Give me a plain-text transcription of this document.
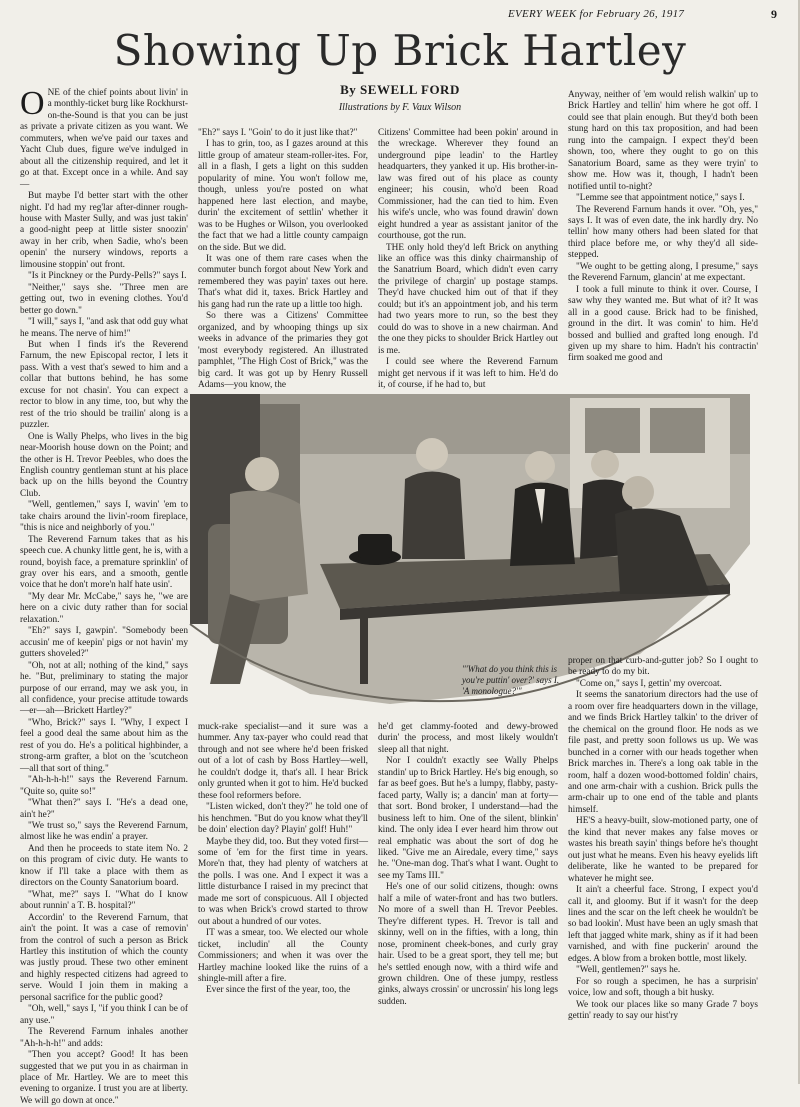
EVERY WEEK for February 26, 1917	9
Showing Up Brick Hartley
By SEWELL FORD
Illustrations by F. Vaux Wilson
O NE of the chief points about livin' in a monthly-ticket burg like Rockhurst-on-the-Sound is that you can be just as private a private citizen as you want. We commuters, when we've paid our taxes and Yacht Club dues, figure we've indulged in about all the citizenship required, and let it go at that. Except once in a while. And say—

But maybe I'd better start with the other night. I'd had my reg'lar after-dinner rough-house with Master Sully, and was just takin' a good-night peep at little sister snoozin' away in her crib, when Sadie, who's been openin' the nursery windows, reports a limousine stoppin' out front.

"Is it Pinckney or the Purdy-Pells?" says I.

"Neither," says she. "Three men are getting out, two in evening clothes. You'd better go down."

"I will," says I, "and ask that odd guy what he means. The nerve of him!"

But when I finds it's the Reverend Farnum, the new Episcopal rector, I lets it pass. With a vest that's sewed to him and a collar that buttons behind, he has some excuse for not chasin'. You can expect a rector to blow in any time, too, but why the rest of the trio should be trailin' along is a puzzler.

One is Wally Phelps, who lives in the big near-Moorish house down on the Point; and the other is H. Trevor Peebles, who does the English country gentleman stunt at his place back up on the hills beyond the Country Club.

"Well, gentlemen," says I, wavin' 'em to take chairs around the livin'-room fireplace, "this is nice and neighborly of you."

The Reverend Farnum takes that as his speech cue. A chunky little gent, he is, with a round, boyish face, a premature sprinklin' of gray over his ears, and a smooth, gentle voice that he don't more'n half hate usin'.

"My dear Mr. McCabe," says he, "we are here on a civic duty rather than for social relaxation."

"Eh?" says I, gawpin'. "Somebody been accusin' me of keepin' pigs or not havin' my gutters shoveled?"

"Oh, not at all; nothing of the kind," says he. "But, preliminary to stating the major purpose of our errand, may we ask you, in all confidence, your precise attitude towards—er—ah—Brickett Hartley?"

"Who, Brick?" says I. "Why, I expect I feel a good deal the same about him as the rest of you do. He's a political highbinder, a strong-arm grafter, a blot on the 'scutcheon—all that sort of thing."

"Ah-h-h-h!" says the Reverend Farnum. "Quite so, quite so!"

"What then?" says I. "He's a dead one, ain't he?"

"We trust so," says the Reverend Farnum, almost like he was endin' a prayer.

And then he proceeds to state item No. 2 on this program of civic duty. He wants to know if I'll take a place with them as directors on the County Sanatorium board.

"What, me?" says I. "What do I know about runnin' a T. B. hospital?"

Accordin' to the Reverend Farnum, that ain't the point. It was a case of removin' from the control of such a person as Brick Hartley this institution of which the county was justly proud. These two other eminent and highly respected citizens had agreed to serve. Would I join them in making a personal sacrifice for the public good?

"Oh, well," says I, "if you think I can be of any use."

The Reverend Farnum inhales another "Ah-h-h-h!" and adds:

"Then you accept? Good! It has been suggested that we put you in as chairman in place of Mr. Hartley. We are to meet this evening to organize. I trust you are at liberty. We will go down at once."

"Eh?" says I. "Goin' to do it just like that?"

I has to grin, too, as I gazes around at this little group of amateur steam-roller-ites. For, all in a flash, I gets a light on this sudden popularity of mine. You won't follow me, though, unless you're posted on what happened here last election, and maybe, durin' the excitement of settlin' whether it was to be Hughes or Wilson, you overlooked the fact that we had a little county campaign on the side. But we did.

It was one of them rare cases when the commuter bunch forgot about New York and remembered they was payin' taxes out here. That's what did it, taxes. Brick Hartley and his gang had run the rate up a little too high.

So there was a Citizens' Committee organized, and by whooping things up six weeks in advance of the primaries they got 'most everybody registered. An illustrated pamphlet, "The High Cost of Brick," was the big card. It was got up by Henry Russell Adams—you know, the

Citizens' Committee had been pokin' around in the wreckage. Wherever they found an underground pipe leadin' to the Hartley headquarters, they yanked it up. His brother-in-law was fired out of his place as county engineer; his cousin, who'd been Road Commissioner, had the can tied to him. Even his wife's uncle, who was found drawin' down eight hundred a year as assistant janitor of the courthouse, got the run.

THE only hold they'd left Brick on anything like an office was this dinky chairmanship of the Sanatrium Board, which didn't even carry the privilege of chargin' up postage stamps. They'd have chucked him out of that if they could; but it's an appointment job, and his term had two years more to run, so the best they could do was to shove in a new chairman. And the one they picks to shoulder Brick Hartley out is me.

I could see where the Reverend Farnum might get nervous if it was left to him. He'd do it, of course, if he had to, but

Anyway, neither of 'em would relish walkin' up to Brick Hartley and tellin' him where he got off. I could see that plain enough. But they'd both been stung hard on this tax proposition, and had been rung into the campaign. I expect they'd been shown, too, where they ought to go on this Sanatorium Board, same as they were tryin' to show me. How was it, though, I hadn't been notified until to-night?

"Lemme see that appointment notice," says I.

The Reverend Farnum hands it over. "Oh, yes," says I. It was of even date, the ink hardly dry. No tellin' how many others had been slated for that third place before me, or why they'd all side-stepped.

"We ought to be getting along, I presume," says the Reverend Farnum, glancin' at me expectant.

I took a full minute to think it over. Course, I saw why they wanted me. But what of it? It was all in a good cause. Brick had to be finished, ground in the dirt. It was comin' to him. He'd bossed and bullied and grafted long enough. I'd given up my share to him. Hadn't his contractin' firm soaked me good and

"'What do you think this is you're puttin' over?' says I. 'A monologue?'"

muck-rake specialist—and it sure was a hummer. Any tax-payer who could read that through and not see where he'd been frisked out of a lot of cash by Boss Hartley—well, he couldn't dodge it, that's all. I hear Brick only grunted when it got to him. He'd bucked these fool reformers before.

"Listen wicked, don't they?" he told one of his henchmen. "But do you know what they'll be doin' election day? Playin' golf! Huh!"

Maybe they did, too. But they voted first—some of 'em for the first time in years. More'n that, they had plenty of watchers at the polls. I was one. And I expect it was a little disturbance I raised in my precinct that made me sort of conspicuous. All I objected to was when Brick's crowd started to throw out about a hundred of our votes.

IT was a smear, too. We elected our whole ticket, includin' all the County Commissioners; and when it was over the Hartley machine looked like the ruins of a shingle-mill after a fire.

Ever since the first of the year, too, the

he'd get clammy-footed and dewy-browed durin' the process, and most likely wouldn't sleep all that night.

Nor I couldn't exactly see Wally Phelps standin' up to Brick Hartley. He's big enough, so far as beef goes. But he's a lumpy, flabby, pasty-faced party, Wally is; a dancin' man at forty—that sort. Bond broker, I understand—had the business left to him. One of the silent, blinkin' kind. The only idea I ever heard him throw out real emphatic was about the sort of dog he liked. "Give me an Airedale, every time," says he. "One-man dog. That's what I want. Ought to see my Tams III."

He's one of our solid citizens, though: owns half a mile of water-front and has two butlers. No more of a swell than H. Trevor Peebles. They're different types. H. Trevor is tall and skinny, well on in the fifties, with a long, thin nose, prominent cheek-bones, and curly gray hair. Used to be a great sport, they tell me; but he's settled enough now, with a third wife and grown children. One of these jumpy, restless ginks, always crossin' or uncrossin' his long legs sudden.

proper on that curb-and-gutter job? So I ought to be ready to do my bit.

"Come on," says I, gettin' my overcoat.

It seems the sanatorium directors had the use of a room over fire headquarters down in the village, and we finds Brick Hartley talkin' to the driver of the chemical on the ground floor. He nods as we file past, and pretty soon follows us up. We was bunched in a corner with our heads together when Brick marches in. There's a long oak table in the room, half a dozen wood-bottomed foldin' chairs, and one arm-chair with a cushion. Brick pulls the arm-chair up to one end of the table and plants himself.

HE'S a heavy-built, slow-motioned party, one of the kind that never makes any false moves or wastes his breath sayin' things before he's thought out just what he means. Even his heavy eyelids lift deliberate, like he wanted to be prepared for whatever he might see.

It ain't a cheerful face. Strong, I expect you'd call it, and gloomy. But if it wasn't for the deep lines and the scar on the left cheek he wouldn't be so bad lookin'. Must have been an ugly smash that left that jagged white mark, shiny as if it had been varnished, and with fine puckerin' around the edges. A blow from a broken bottle, most likely.

"Well, gentlemen?" says he.

For so rough a specimen, he has a surprisin' voice, low and soft, though a bit husky.

We took our places like so many Grade 7 boys gettin' ready to say our hist'ry
